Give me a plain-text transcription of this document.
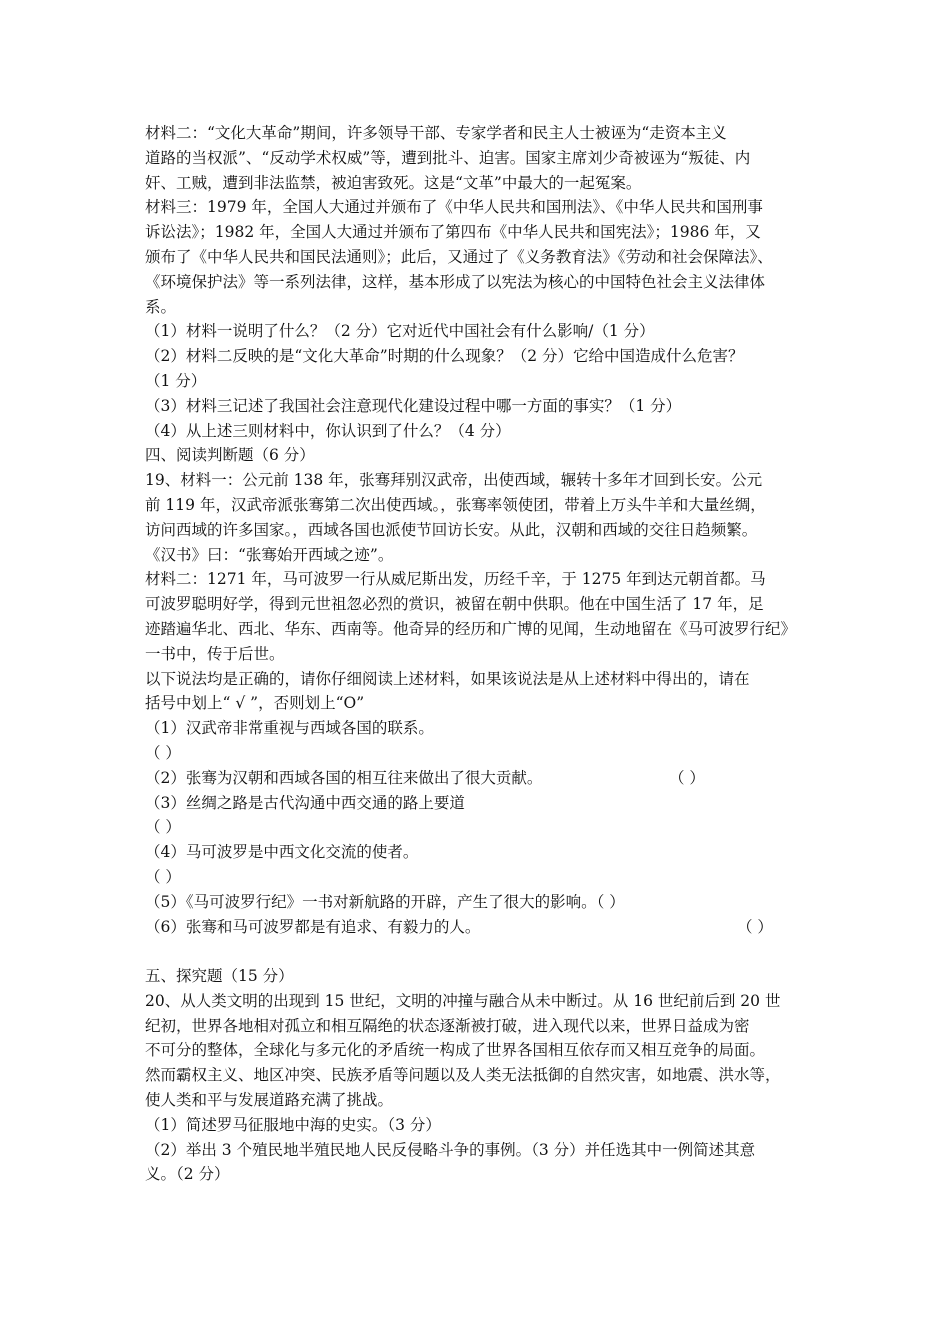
材料二：“文化大革命”期间，许多领导干部、专家学者和民主人士被诬为“走资本主义
道路的当权派”、“反动学术权威”等，遭到批斗、迫害。国家主席刘少奇被诬为“叛徒、内
奸、工贼，遭到非法监禁，被迫害致死。这是“文革”中最大的一起冤案。
材料三：1979 年，全国人大通过并颁布了《中华人民共和国刑法》、《中华人民共和国刑事
诉讼法》；1982 年，全国人大通过并颁布了第四布《中华人民共和国宪法》；1986 年，又
颁布了《中华人民共和国民法通则》；此后，又通过了《义务教育法》《劳动和社会保障法》、
《环境保护法》等一系列法律，这样，基本形成了以宪法为核心的中国特色社会主义法律体
系。
（1）材料一说明了什么？（2 分）它对近代中国社会有什么影响/（1 分）
（2）材料二反映的是“文化大革命”时期的什么现象？（2 分）它给中国造成什么危害？
（1 分）
（3）材料三记述了我国社会注意现代化建设过程中哪一方面的事实？（1 分）
（4）从上述三则材料中，你认识到了什么？（4 分）
四、阅读判断题（6 分）
19、材料一：公元前 138 年，张骞拜别汉武帝，出使西域，辗转十多年才回到长安。公元
前 119 年，汉武帝派张骞第二次出使西域。，张骞率领使团，带着上万头牛羊和大量丝绸，
访问西域的许多国家。，西域各国也派使节回访长安。从此，汉朝和西域的交往日趋频繁。
《汉书》曰：“张骞始开西域之迹”。
材料二：1271 年，马可波罗一行从威尼斯出发，历经千辛，于 1275 年到达元朝首都。马
可波罗聪明好学，得到元世祖忽必烈的赏识，被留在朝中供职。他在中国生活了 17 年，足
迹踏遍华北、西北、华东、西南等。他奇异的经历和广博的见闻，生动地留在《马可波罗行纪》
一书中，传于后世。
以下说法均是正确的，请你仔细阅读上述材料，如果该说法是从上述材料中得出的，请在
括号中划上“ √ ”，否则划上“O”
（1）汉武帝非常重视与西域各国的联系。
（ ）
（2）张骞为汉朝和西域各国的相互往来做出了很大贡献。	（ ）
（3）丝绸之路是古代沟通中西交通的路上要道
（ ）
（4）马可波罗是中西文化交流的使者。
（ ）
（5）《马可波罗行纪》一书对新航路的开辟，产生了很大的影响。（ ）
（6）张骞和马可波罗都是有追求、有毅力的人。	（ ）
五、探究题（15 分）
20、从人类文明的出现到 15 世纪，文明的冲撞与融合从未中断过。从 16 世纪前后到 20 世
纪初，世界各地相对孤立和相互隔绝的状态逐渐被打破，进入现代以来，世界日益成为密
不可分的整体，全球化与多元化的矛盾统一构成了世界各国相互依存而又相互竞争的局面。
然而霸权主义、地区冲突、民族矛盾等问题以及人类无法抵御的自然灾害，如地震、洪水等，
使人类和平与发展道路充满了挑战。
（1）简述罗马征服地中海的史实。（3 分）
（2）举出 3 个殖民地半殖民地人民反侵略斗争的事例。（3 分）并任选其中一例简述其意
义。（2 分）
